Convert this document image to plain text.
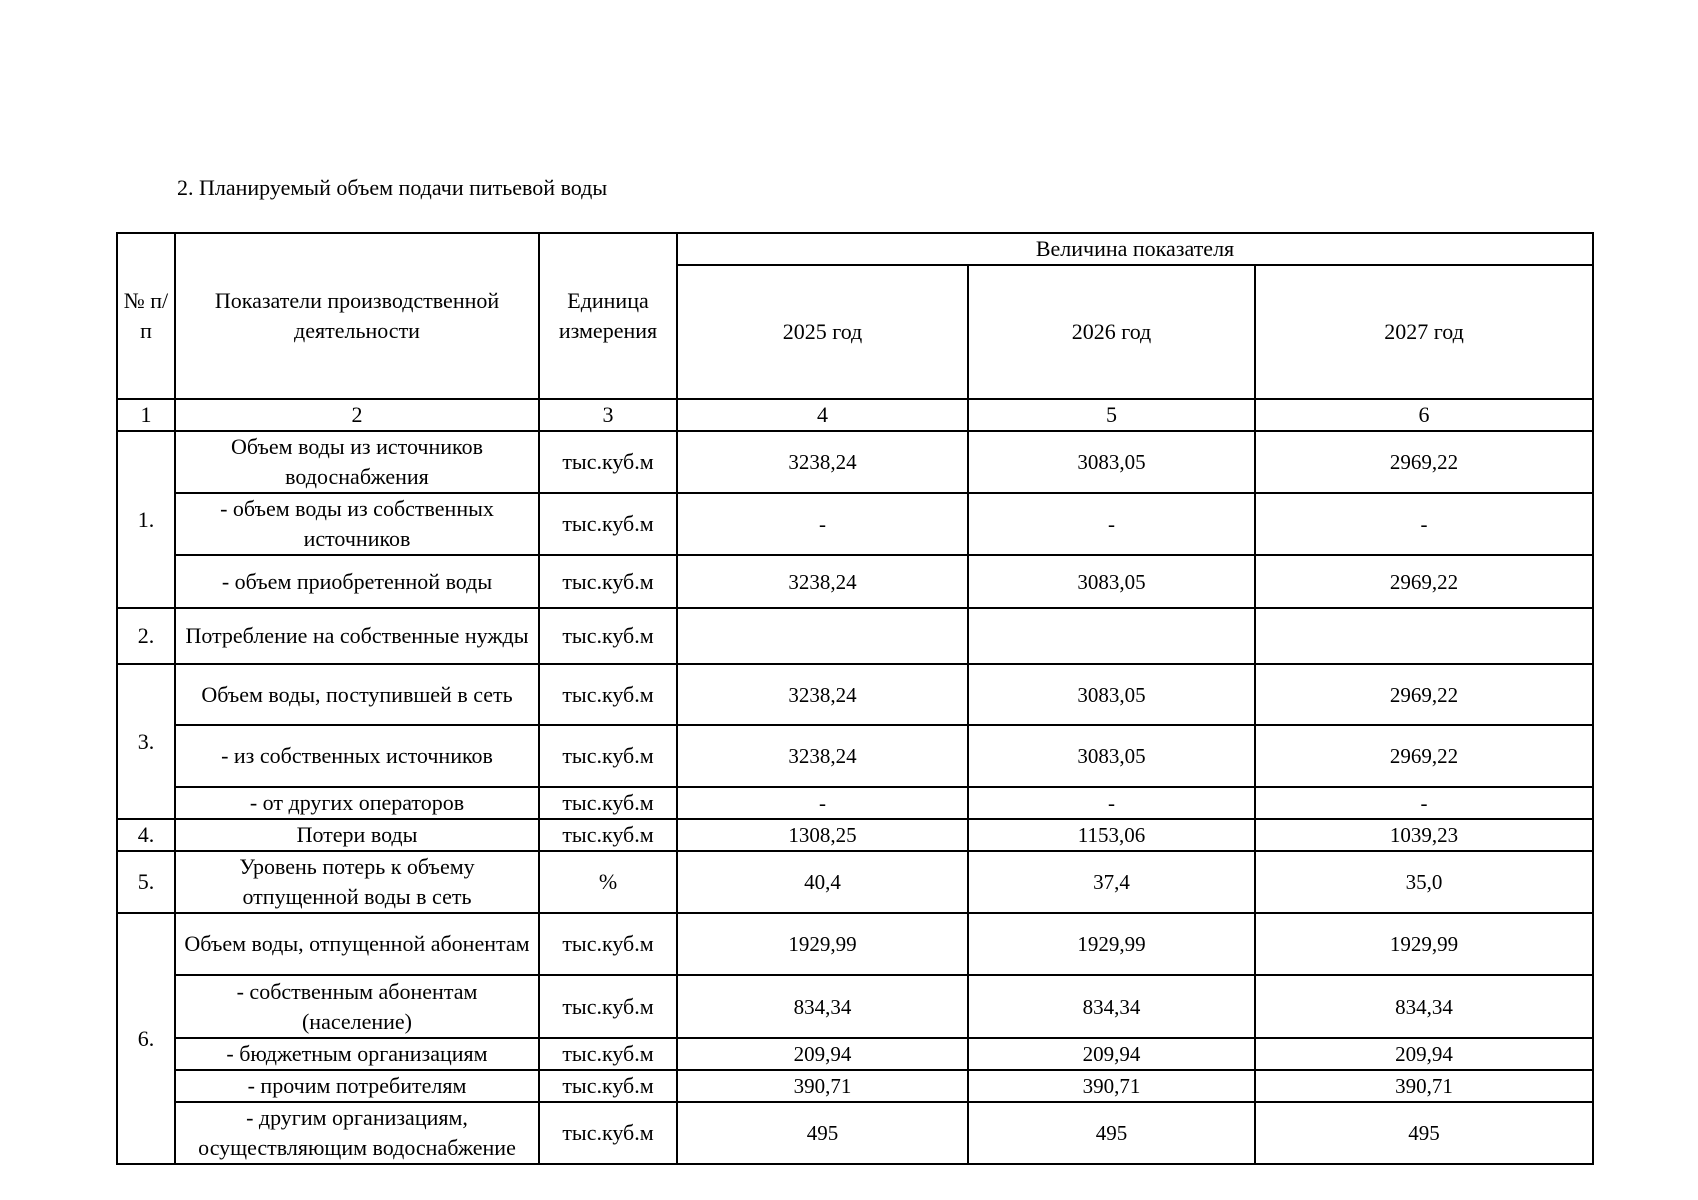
2. Планируемый объем подачи питьевой воды
№ п/п	Показатели производственной деятельности	Единица измерения	Величина показателя		
			2025 год	2026 год	2027 год
1	2	3	4	5	6
1.	Объем воды из источников водоснабжения	тыс.куб.м	3238,24	3083,05	2969,22
	- объем воды из собственных источников	тыс.куб.м	-	-	-
	- объем приобретенной воды	тыс.куб.м	3238,24	3083,05	2969,22
2.	Потребление на собственные нужды	тыс.куб.м			
3.	Объем воды, поступившей в сеть	тыс.куб.м	3238,24	3083,05	2969,22
	- из собственных источников	тыс.куб.м	3238,24	3083,05	2969,22
	- от других операторов	тыс.куб.м	-	-	-
4.	Потери воды	тыс.куб.м	1308,25	1153,06	1039,23
5.	Уровень потерь к объему отпущенной воды в сеть	%	40,4	37,4	35,0
6.	Объем воды, отпущенной абонентам	тыс.куб.м	1929,99	1929,99	1929,99
	- собственным абонентам (население)	тыс.куб.м	834,34	834,34	834,34
	- бюджетным организациям	тыс.куб.м	209,94	209,94	209,94
	- прочим потребителям	тыс.куб.м	390,71	390,71	390,71
	- другим организациям, осуществляющим водоснабжение	тыс.куб.м	495	495	495
